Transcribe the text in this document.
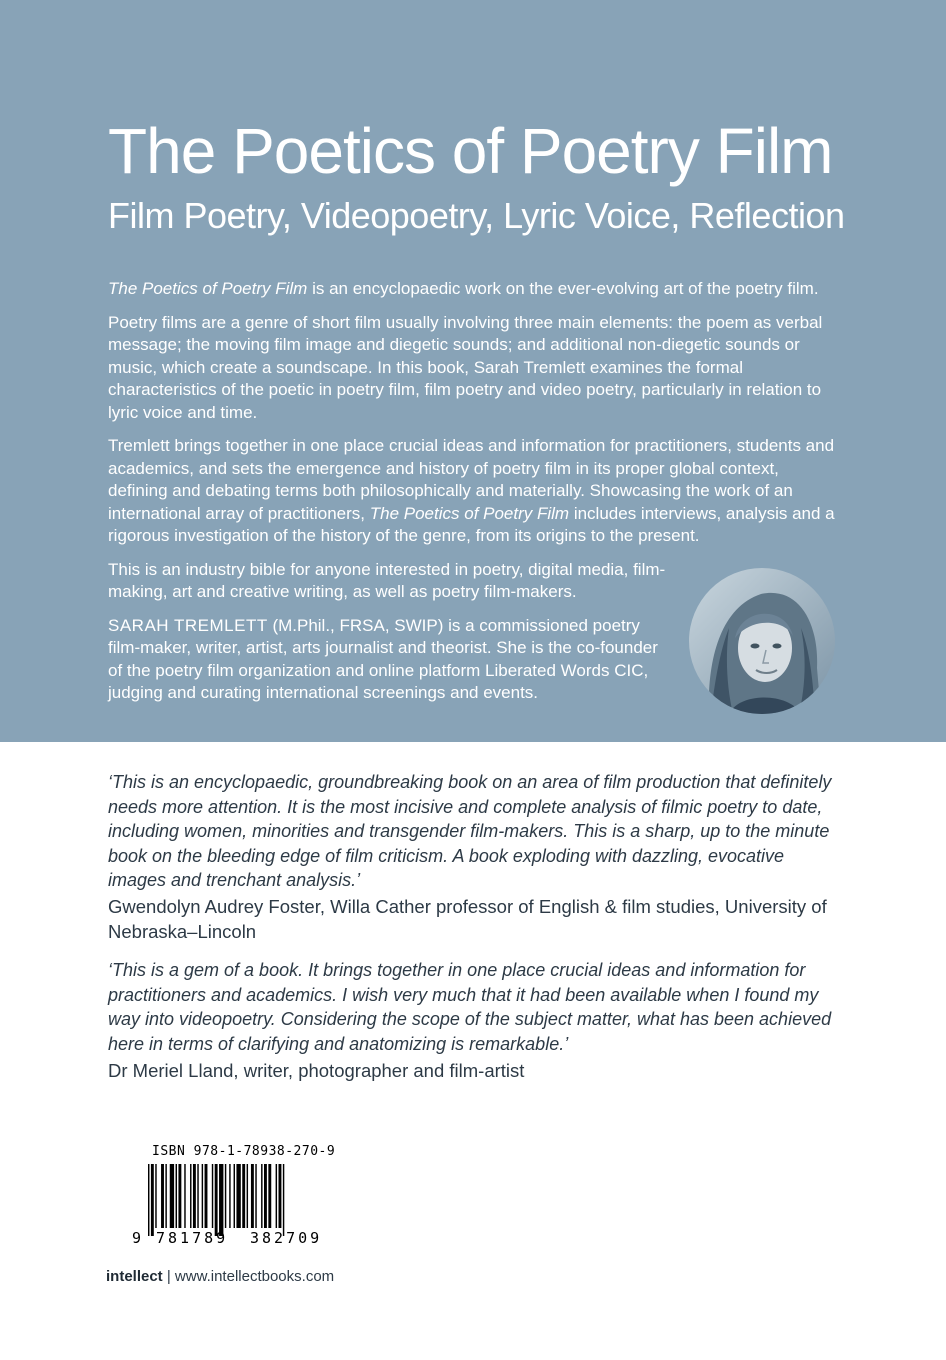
The Poetics of Poetry Film
Film Poetry, Videopoetry, Lyric Voice, Reflection

The Poetics of Poetry Film is an encyclopaedic work on the ever-evolving art of the poetry film.

Poetry films are a genre of short film usually involving three main elements: the poem as verbal message; the moving film image and diegetic sounds; and additional non-diegetic sounds or music, which create a soundscape. In this book, Sarah Tremlett examines the formal characteristics of the poetic in poetry film, film poetry and video poetry, particularly in relation to lyric voice and time.

Tremlett brings together in one place crucial ideas and information for practitioners, students and academics, and sets the emergence and history of poetry film in its proper global context, defining and debating terms both philosophically and materially. Showcasing the work of an international array of practitioners, The Poetics of Poetry Film includes interviews, analysis and a rigorous investigation of the history of the genre, from its origins to the present.

This is an industry bible for anyone interested in poetry, digital media, film-making, art and creative writing, as well as poetry film-makers.

SARAH TREMLETT (M.Phil., FRSA, SWIP) is a commissioned poetry film-maker, writer, artist, arts journalist and theorist. She is the co-founder of the poetry film organization and online platform Liberated Words CIC, judging and curating international screenings and events.

‘This is an encyclopaedic, groundbreaking book on an area of film production that definitely needs more attention. It is the most incisive and complete analysis of filmic poetry to date, including women, minorities and transgender film-makers. This is a sharp, up to the minute book on the bleeding edge of film criticism. A book exploding with dazzling, evocative images and trenchant analysis.’

Gwendolyn Audrey Foster, Willa Cather professor of English & film studies, University of Nebraska–Lincoln

‘This is a gem of a book. It brings together in one place crucial ideas and information for practitioners and academics. I wish very much that it had been available when I found my way into videopoetry. Considering the scope of the subject matter, what has been achieved here in terms of clarifying and anatomizing is remarkable.’

Dr Meriel Lland, writer, photographer and film-artist

ISBN 978-1-78938-270-9
9 781789 382709
intellect | www.intellectbooks.com
